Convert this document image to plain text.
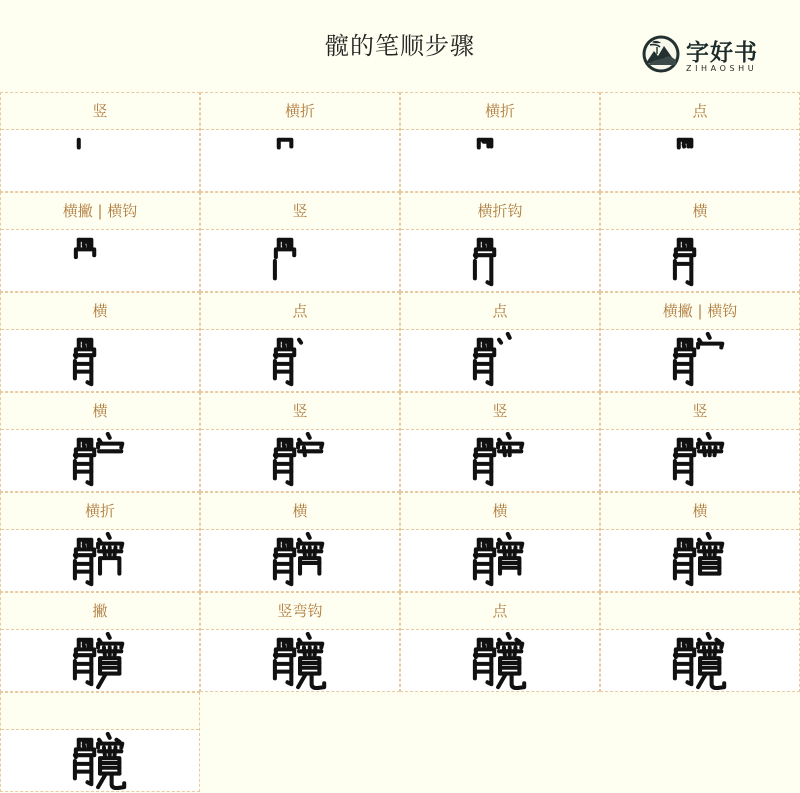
髋的笔顺步骤	字好书
ZIHAOSHU
竖	横折	横折	点
横撇 | 横钩	竖	横折钩	横
横	点	点	横撇 | 横钩
横	竖	竖	竖
横折	横	横	横
撇	竖弯钩	点
